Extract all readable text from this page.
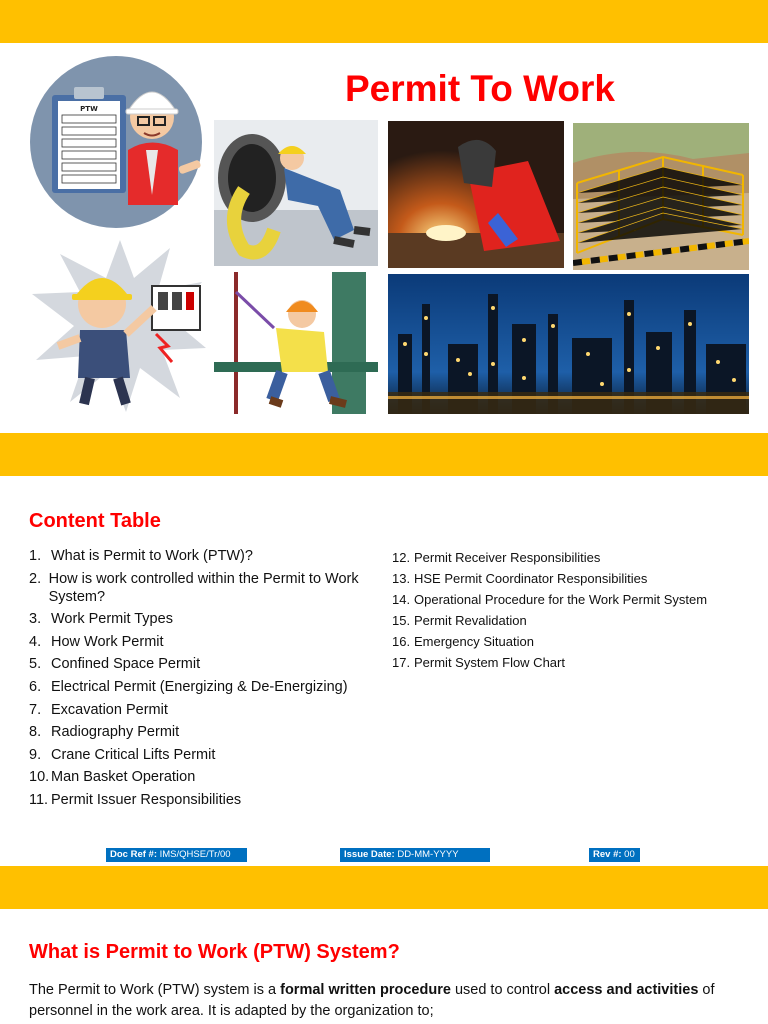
Permit To Work
PTW
Content Table
1. What is Permit to Work (PTW)?
2. How is work controlled within the Permit to Work System?
3. Work Permit Types
4. How Work Permit
5. Confined Space Permit
6. Electrical Permit (Energizing & De-Energizing)
7. Excavation Permit
8. Radiography Permit
9. Crane Critical Lifts Permit
10. Man Basket Operation
11. Permit Issuer Responsibilities
12. Permit Receiver Responsibilities
13. HSE Permit Coordinator Responsibilities
14. Operational Procedure for the Work Permit System
15. Permit Revalidation
16. Emergency Situation
17. Permit System Flow Chart
Doc Ref #: IMS/QHSE/Tr/00	Issue Date: DD-MM-YYYY	Rev #: 00
What is Permit to Work (PTW) System?

The Permit to Work (PTW) system is a formal written procedure used to control access and activities of personnel in the work area. It is adapted by the organization to;
